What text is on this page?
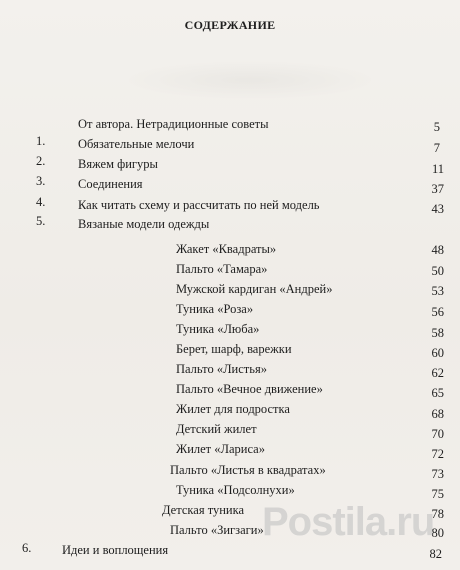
СОДЕРЖАНИЕ
От автора. Нетрадиционные советы	5
1.	Обязательные мелочи	7
2.	Вяжем фигуры	11
3.	Соединения	37
4.	Как читать схему и рассчитать по ней модель	43
5.	Вязаные модели одежды
Жакет «Квадраты»	48
Пальто «Тамара»	50
Мужской кардиган «Андрей»	53
Туника «Роза»	56
Туника «Люба»	58
Берет, шарф, варежки	60
Пальто «Листья»	62
Пальто «Вечное движение»	65
Жилет для подростка	68
Детский жилет	70
Жилет «Лариса»	72
Пальто «Листья в квадратах»	73
Туника «Подсолнухи»	75
Детская туника	78
Пальто «Зигзаги»	80
6. Идеи и воплощения	82
Postila.ru
